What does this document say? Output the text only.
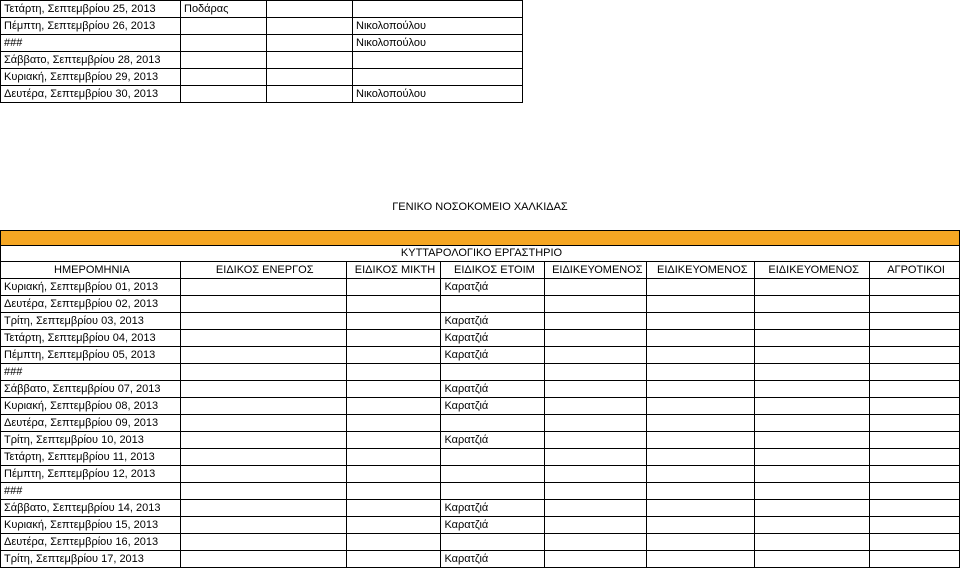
Τετάρτη, Σεπτεμβρίου 25, 2013	Ποδάρας		
Πέμπτη, Σεπτεμβρίου 26, 2013			Νικολοπούλου
###			Νικολοπούλου
Σάββατο, Σεπτεμβρίου 28, 2013			
Κυριακή, Σεπτεμβρίου 29, 2013			
Δευτέρα, Σεπτεμβρίου 30, 2013			Νικολοπούλου
ΓΕΝΙΚΟ ΝΟΣΟΚΟΜΕΙΟ ΧΑΛΚΙΔΑΣ

ΚΥΤΤΑΡΟΛΟΓΙΚΟ ΕΡΓΑΣΤΗΡΙΟ							
ΗΜΕΡΟΜΗΝΙΑ	ΕΙΔΙΚΟΣ ΕΝΕΡΓΟΣ	ΕΙΔΙΚΟΣ ΜΙΚΤΗ	ΕΙΔΙΚΟΣ ΕΤΟΙΜ	ΕΙΔΙΚΕΥΟΜΕΝΟΣ	ΕΙΔΙΚΕΥΟΜΕΝΟΣ	ΕΙΔΙΚΕΥΟΜΕΝΟΣ	ΑΓΡΟΤΙΚΟΙ
Κυριακή, Σεπτεμβρίου 01, 2013			Καρατζιά				
Δευτέρα, Σεπτεμβρίου 02, 2013							
Τρίτη, Σεπτεμβρίου 03, 2013			Καρατζιά				
Τετάρτη, Σεπτεμβρίου 04, 2013			Καρατζιά				
Πέμπτη, Σεπτεμβρίου 05, 2013			Καρατζιά				
###							
Σάββατο, Σεπτεμβρίου 07, 2013			Καρατζιά				
Κυριακή, Σεπτεμβρίου 08, 2013			Καρατζιά				
Δευτέρα, Σεπτεμβρίου 09, 2013							
Τρίτη, Σεπτεμβρίου 10, 2013			Καρατζιά				
Τετάρτη, Σεπτεμβρίου 11, 2013							
Πέμπτη, Σεπτεμβρίου 12, 2013							
###							
Σάββατο, Σεπτεμβρίου 14, 2013			Καρατζιά				
Κυριακή, Σεπτεμβρίου 15, 2013			Καρατζιά				
Δευτέρα, Σεπτεμβρίου 16, 2013							
Τρίτη, Σεπτεμβρίου 17, 2013			Καρατζιά				
